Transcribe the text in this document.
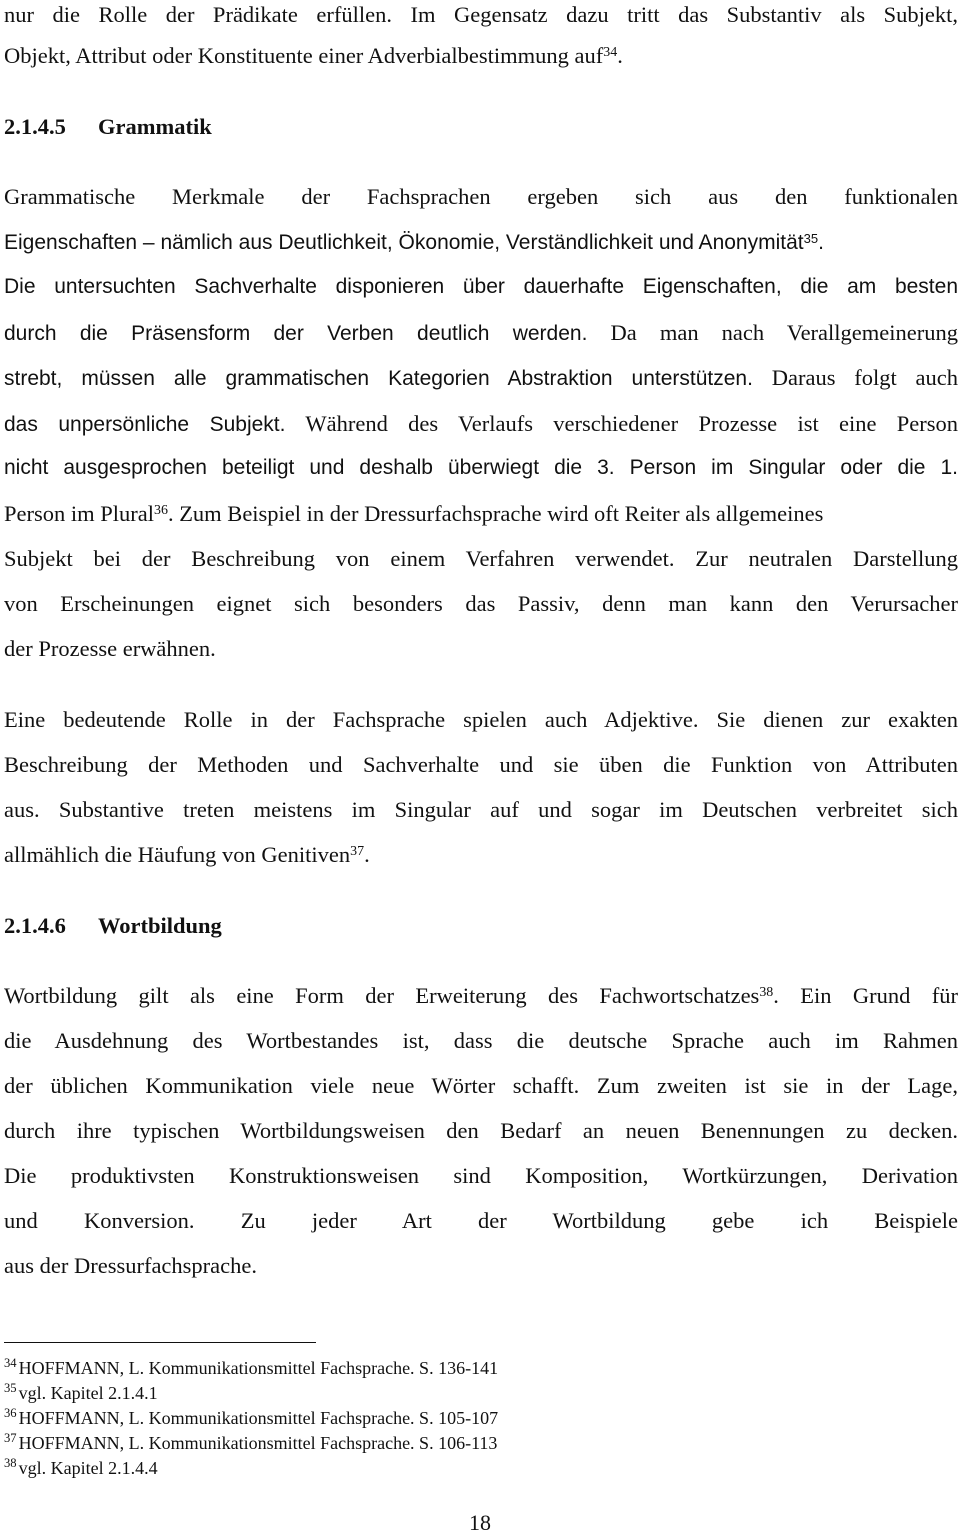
nur die Rolle der Prädikate erfüllen. Im Gegensatz dazu tritt das Substantiv als Subjekt,
Objekt, Attribut oder Konstituente einer Adverbialbestimmung auf$^{34}$.
2.1.4.5 Grammatik
Grammatische Merkmale der Fachsprachen ergeben sich aus den funktionalen
Eigenschaften – nämlich aus Deutlichkeit, Ökonomie, Verständlichkeit und Anonymität$^{35}$.
Die untersuchten Sachverhalte disponieren über dauerhafte Eigenschaften, die am besten
durch die Präsensform der Verben deutlich werden. Da man nach Verallgemeinerung
strebt, müssen alle grammatischen Kategorien Abstraktion unterstützen. Daraus folgt auch
das unpersönliche Subjekt. Während des Verlaufs verschiedener Prozesse ist eine Person
nicht ausgesprochen beteiligt und deshalb überwiegt die 3. Person im Singular oder die 1.
Person im Plural$^{36}$. Zum Beispiel in der Dressurfachsprache wird oft Reiter als allgemeines
Subjekt bei der Beschreibung von einem Verfahren verwendet. Zur neutralen Darstellung
von Erscheinungen eignet sich besonders das Passiv, denn man kann den Verursacher
der Prozesse erwähnen.
Eine bedeutende Rolle in der Fachsprache spielen auch Adjektive. Sie dienen zur exakten
Beschreibung der Methoden und Sachverhalte und sie üben die Funktion von Attributen
aus. Substantive treten meistens im Singular auf und sogar im Deutschen verbreitet sich
allmählich die Häufung von Genitiven$^{37}$.
2.1.4.6 Wortbildung
Wortbildung gilt als eine Form der Erweiterung des Fachwortschatzes$^{38}$. Ein Grund für
die Ausdehnung des Wortbestandes ist, dass die deutsche Sprache auch im Rahmen
der üblichen Kommunikation viele neue Wörter schafft. Zum zweiten ist sie in der Lage,
durch ihre typischen Wortbildungsweisen den Bedarf an neuen Benennungen zu decken.
Die produktivsten Konstruktionsweisen sind Komposition, Wortkürzungen, Derivation
und Konversion. Zu jeder Art der Wortbildung gebe ich Beispiele
aus der Dressurfachsprache.
$^{34}$ HOFFMANN, L. Kommunikationsmittel Fachsprache. S. 136-141
$^{35}$ vgl. Kapitel 2.1.4.1
$^{36}$ HOFFMANN, L. Kommunikationsmittel Fachsprache. S. 105-107
$^{37}$ HOFFMANN, L. Kommunikationsmittel Fachsprache. S. 106-113
$^{38}$ vgl. Kapitel 2.1.4.4
18
